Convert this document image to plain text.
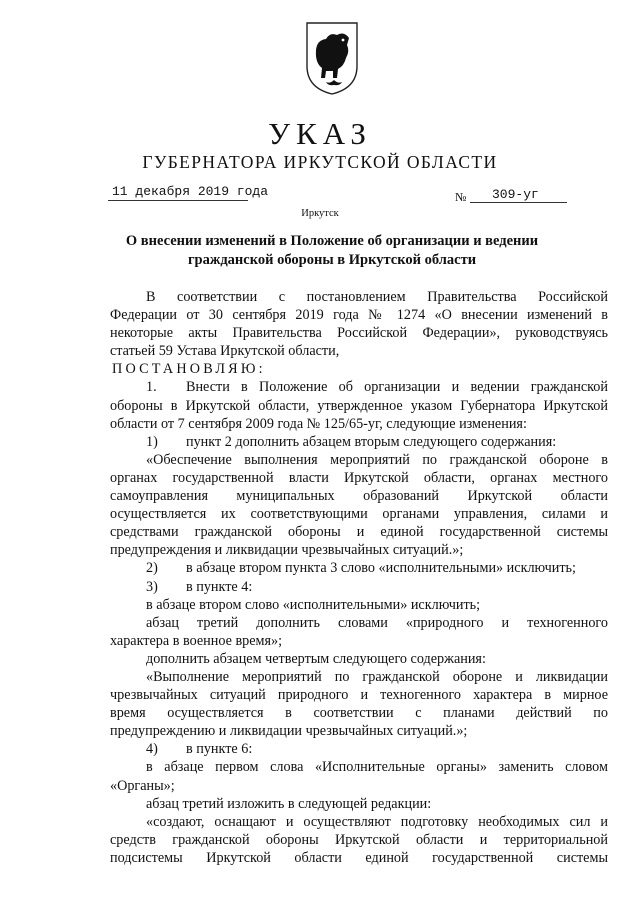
УКАЗ
ГУБЕРНАТОРА ИРКУТСКОЙ ОБЛАСТИ
11 декабря 2019 года	№ 309-уг
Иркутск
О внесении изменений в Положение об организации и ведении гражданской обороны в Иркутской области

В соответствии с постановлением Правительства Российской

Федерации от 30 сентября 2019 года № 1274 «О внесении изменений в

некоторые акты Правительства Российской Федерации», руководствуясь

статьей 59 Устава Иркутской области,

ПОСТАНОВЛЯЮ:

1. Внести в Положение об организации и ведении гражданской

обороны в Иркутской области, утвержденное указом Губернатора Иркутской

области от 7 сентября 2009 года № 125/65-уг, следующие изменения:

1) пункт 2 дополнить абзацем вторым следующего содержания:

«Обеспечение выполнения мероприятий по гражданской обороне в

органах государственной власти Иркутской области, органах местного

самоуправления муниципальных образований Иркутской области

осуществляется их соответствующими органами управления, силами и

средствами гражданской обороны и единой государственной системы

предупреждения и ликвидации чрезвычайных ситуаций.»;

2) в абзаце втором пункта 3 слово «исполнительными» исключить;

3) в пункте 4:

в абзаце втором слово «исполнительными» исключить;

абзац третий дополнить словами «природного и техногенного

характера в военное время»;

дополнить абзацем четвертым следующего содержания:

«Выполнение мероприятий по гражданской обороне и ликвидации

чрезвычайных ситуаций природного и техногенного характера в мирное

время осуществляется в соответствии с планами действий по

предупреждению и ликвидации чрезвычайных ситуаций.»;

4) в пункте 6:

в абзаце первом слова «Исполнительные органы» заменить словом

«Органы»;

абзац третий изложить в следующей редакции:

«создают, оснащают и осуществляют подготовку необходимых сил и

средств гражданской обороны Иркутской области и территориальной

подсистемы Иркутской области единой государственной системы
